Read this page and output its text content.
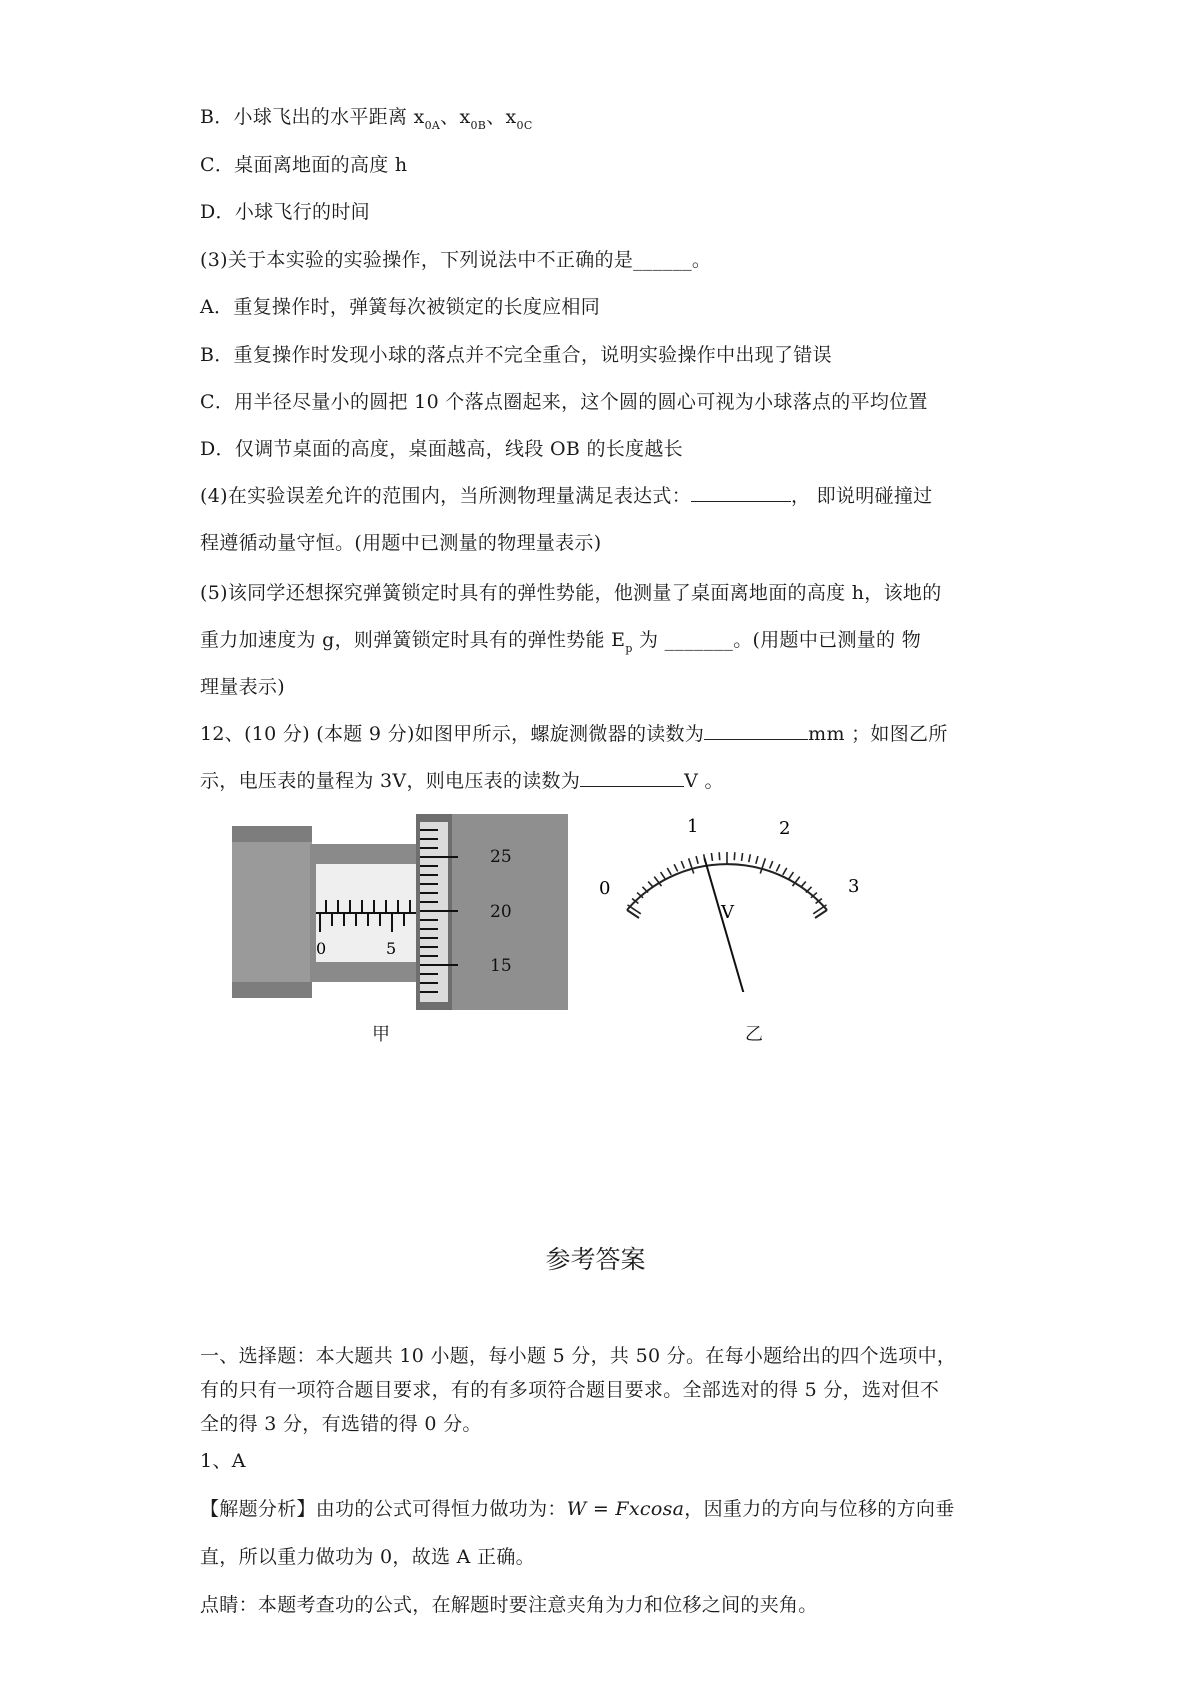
B．小球飞出的水平距离 $x_{0A}$、$x_{0B}$、$x_{0C}$
C．桌面离地面的高度 h
D．小球飞行的时间
(3)关于本实验的实验操作，下列说法中不正确的是______。
A．重复操作时，弹簧每次被锁定的长度应相同
B．重复操作时发现小球的落点并不完全重合，说明实验操作中出现了错误
C．用半径尽量小的圆把 10 个落点圈起来，这个圆的圆心可视为小球落点的平均位置
D．仅调节桌面的高度，桌面越高，线段 OB 的长度越长
(4)在实验误差允许的范围内，当所测物理量满足表达式：	， 即说明碰撞过
程遵循动量守恒。(用题中已测量的物理量表示)
(5)该同学还想探究弹簧锁定时具有的弹性势能，他测量了桌面离地面的高度 h，该地的
重力加速度为 g，则弹簧锁定时具有的弹性势能 $E_p$ 为 _______。(用题中已测量的 物
理量表示)
12、(10 分) (本题 9 分)如图甲所示，螺旋测微器的读数为	mm ；如图乙所
示，电压表的量程为 3V，则电压表的读数为	V 。
0	5
25
20
15
甲
0
1	2
3
V
乙
参考答案
一、选择题：本大题共 10 小题，每小题 5 分，共 50 分。在每小题给出的四个选项中，
有的只有一项符合题目要求，有的有多项符合题目要求。全部选对的得 5 分，选对但不
全的得 3 分，有选错的得 0 分。
1、A
【解题分析】由功的公式可得恒力做功为：W = Fxcosa，因重力的方向与位移的方向垂
直，所以重力做功为 0，故选 A 正确。
点睛：本题考查功的公式，在解题时要注意夹角为力和位移之间的夹角。
